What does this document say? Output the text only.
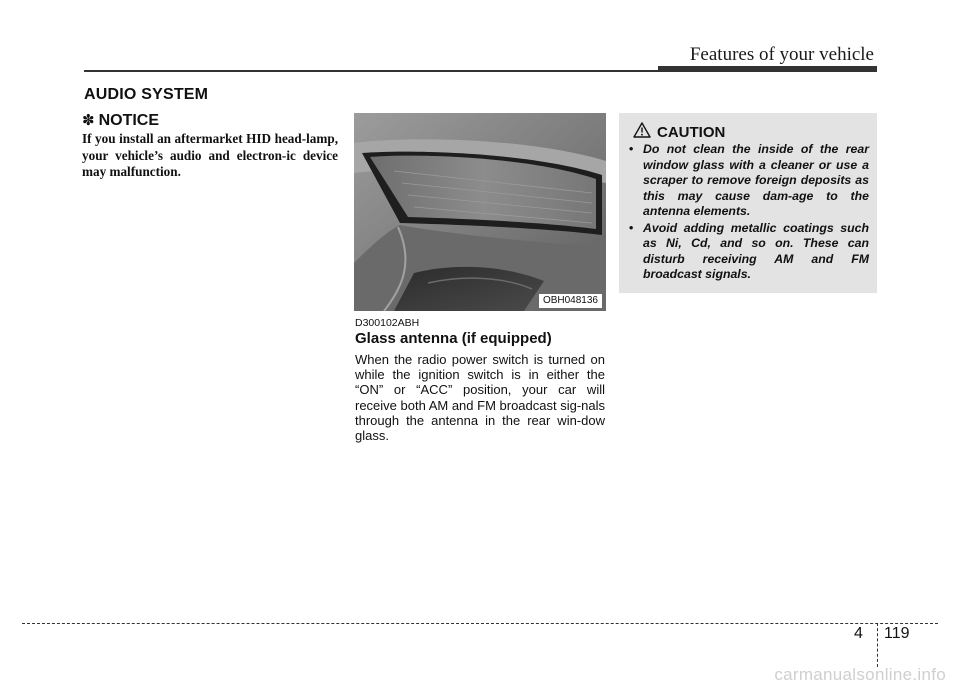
Features of your vehicle
AUDIO SYSTEM
✽ NOTICE
If you install an aftermarket HID head-lamp, your vehicle’s audio and electron-ic device may malfunction.
OBH048136
D300102ABH
Glass antenna (if equipped)
When the radio power switch is turned on while the ignition switch is in either the “ON” or “ACC” position, your car will receive both AM and FM broadcast sig-nals through the antenna in the rear win-dow glass.
CAUTION
• Do not clean the inside of the rear window glass with a cleaner or use a scraper to remove foreign deposits as this may cause dam-age to the antenna elements.
• Avoid adding metallic coatings such as Ni, Cd, and so on. These can disturb receiving AM and FM broadcast signals.
4 119
carmanualsonline.info
